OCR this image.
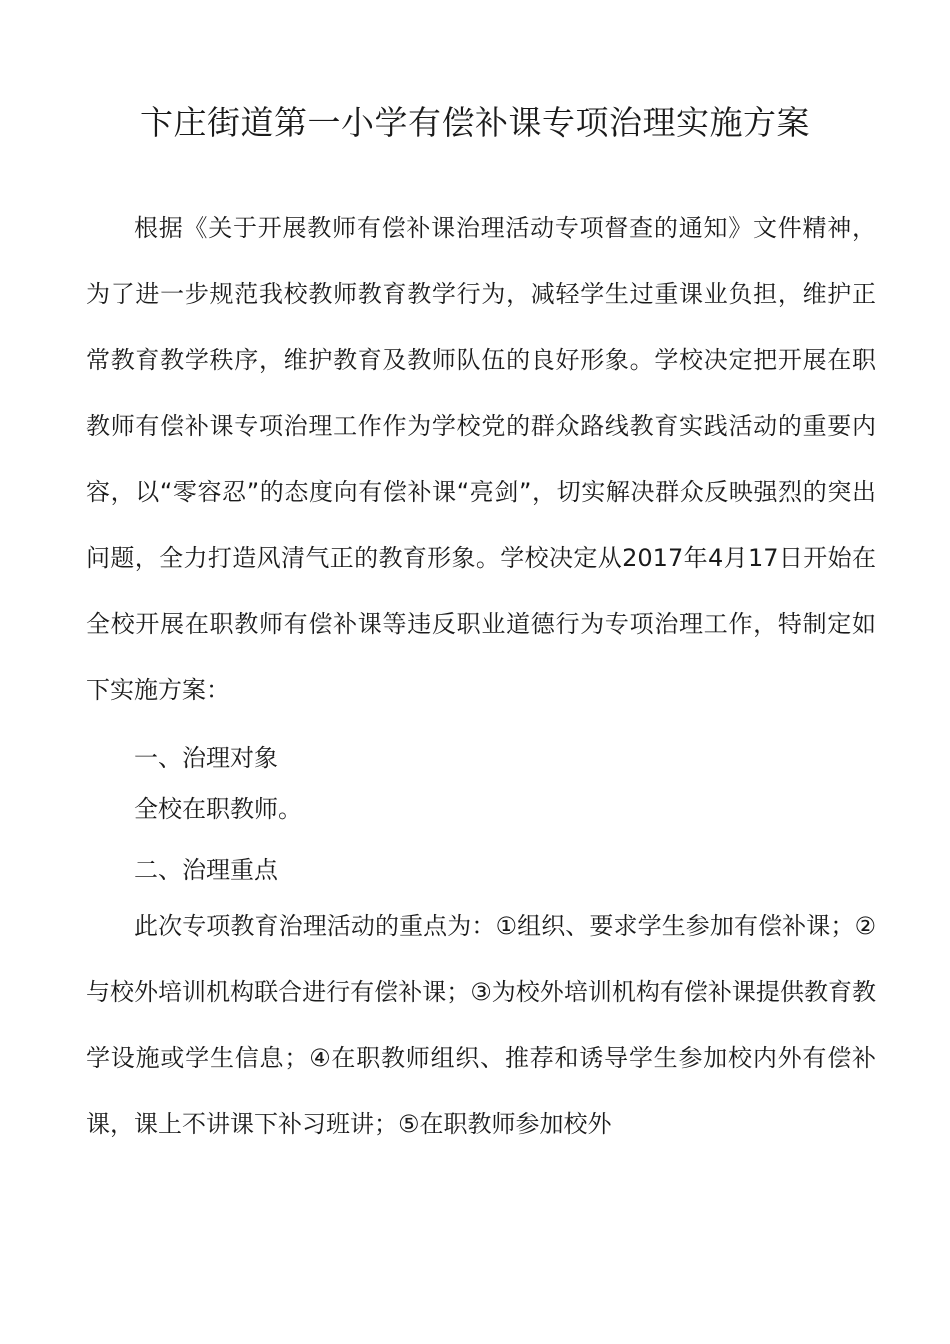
卞庄街道第一小学有偿补课专项治理实施方案

根据《关于开展教师有偿补课治理活动专项督查的通知》文件精神，为了进一步规范我校教师教育教学行为，减轻学生过重课业负担，维护正常教育教学秩序，维护教育及教师队伍的良好形象。学校决定把开展在职教师有偿补课专项治理工作作为学校党的群众路线教育实践活动的重要内容，以“零容忍”的态度向有偿补课“亮剑”，切实解决群众反映强烈的突出问题，全力打造风清气正的教育形象。学校决定从2017年4月17日开始在全校开展在职教师有偿补课等违反职业道德行为专项治理工作，特制定如下实施方案：

一、治理对象

全校在职教师。

二、治理重点

此次专项教育治理活动的重点为：①组织、要求学生参加有偿补课；②与校外培训机构联合进行有偿补课；③为校外培训机构有偿补课提供教育教学设施或学生信息；④在职教师组织、推荐和诱导学生参加校内外有偿补课，课上不讲课下补习班讲；⑤在职教师参加校外
